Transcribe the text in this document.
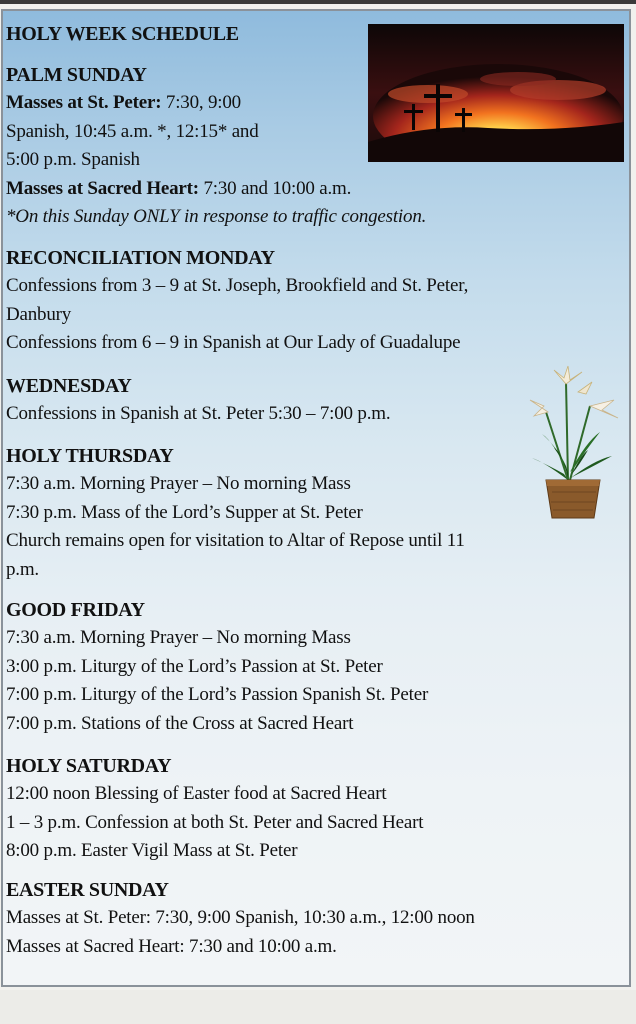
HOLY WEEK SCHEDULE
PALM SUNDAY
Masses at St. Peter: 7:30, 9:00
Spanish, 10:45 a.m. *, 12:15* and
5:00 p.m. Spanish
Masses at Sacred Heart: 7:30 and 10:00 a.m.
*On this Sunday ONLY in response to traffic congestion.
RECONCILIATION MONDAY
Confessions from 3 – 9 at St. Joseph, Brookfield and St. Peter,
Danbury
Confessions from 6 – 9 in Spanish at Our Lady of Guadalupe
WEDNESDAY
Confessions in Spanish at St. Peter 5:30 – 7:00 p.m.
HOLY THURSDAY
7:30 a.m. Morning Prayer – No morning Mass
7:30 p.m. Mass of the Lord’s Supper at St. Peter
Church remains open for visitation to Altar of Repose until 11
p.m.
GOOD FRIDAY
7:30 a.m. Morning Prayer – No morning Mass
3:00 p.m. Liturgy of the Lord’s Passion at St. Peter
7:00 p.m. Liturgy of the Lord’s Passion Spanish St. Peter
7:00 p.m. Stations of the Cross at Sacred Heart
HOLY SATURDAY
12:00 noon Blessing of Easter food at Sacred Heart
1 – 3 p.m. Confession at both St. Peter and Sacred Heart
8:00 p.m. Easter Vigil Mass at St. Peter
EASTER SUNDAY
Masses at St. Peter: 7:30, 9:00 Spanish, 10:30 a.m., 12:00 noon
Masses at Sacred Heart: 7:30 and 10:00 a.m.
